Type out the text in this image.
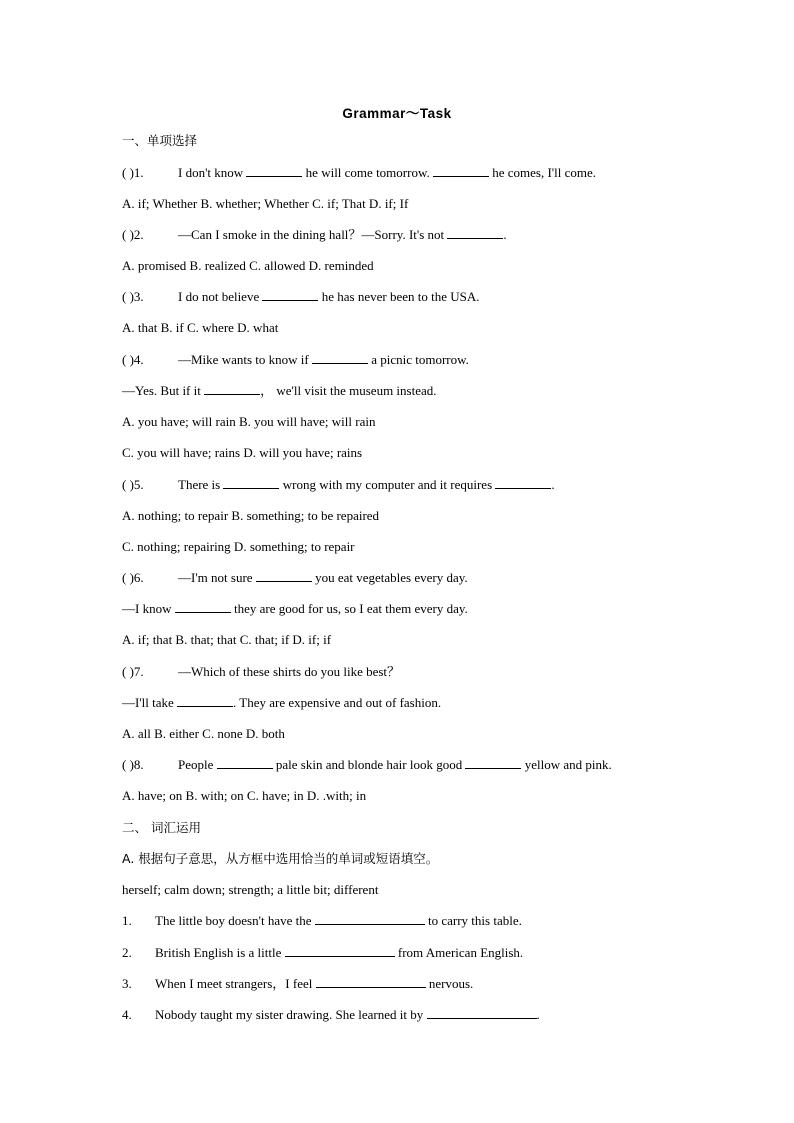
Grammar～Task
一、单项选择
( )1.	I don't know	he will come tomorrow.	he comes, I'll come.
A. if; Whether B. whether; Whether C. if; That D. if; If
( )2.	—Can I smoke in the dining hall？—Sorry. It's not	.
A. promised B. realized C. allowed D. reminded
( )3.	I do not believe	he has never been to the USA.
A. that B. if C. where D. what
( )4.	—Mike wants to know if	a picnic tomorrow.
—Yes. But if it	， we'll visit the museum instead.
A. you have; will rain B. you will have; will rain
C. you will have; rains D. will you have; rains
( )5.	There is	wrong with my computer and it requires	.
A. nothing; to repair B. something; to be repaired
C. nothing; repairing D. something; to repair
( )6.	—I'm not sure	you eat vegetables every day.
—I know	they are good for us, so I eat them every day.
A. if; that B. that; that C. that; if D. if; if
( )7.	—Which of these shirts do you like best？
—I'll take	. They are expensive and out of fashion.
A. all B. either C. none D. both
( )8.	People	pale skin and blonde hair look good	yellow and pink.
A. have; on B. with; on C. have; in D. .with; in
二、 词汇运用
A. 根据句子意思，从方框中选用恰当的单词或短语填空。
herself; calm down; strength; a little bit; different
1. The little boy doesn't have the	to carry this table.
2. British English is a little	from American English.
3. When I meet strangers，I feel	nervous.
4. Nobody taught my sister drawing. She learned it by	.
